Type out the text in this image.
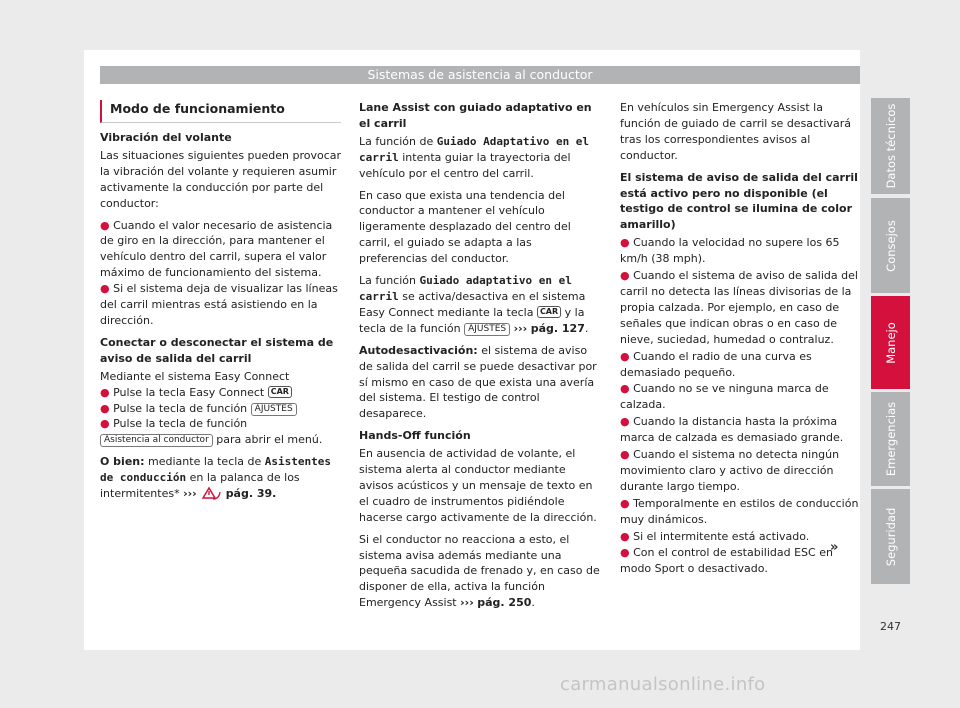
Sistemas de asistencia al conductor
Modo de funcionamiento

Vibración del volante

Las situaciones siguientes pueden provocar la vibración del volante y requieren asumir activamente la conducción por parte del conductor:

● Cuando el valor necesario de asistencia de giro en la dirección, para mantener el vehículo dentro del carril, supera el valor máximo de funcionamiento del sistema.

● Si el sistema deja de visualizar las líneas del carril mientras está asistiendo en la dirección.

Conectar o desconectar el sistema de aviso de salida del carril

Mediante el sistema Easy Connect

● Pulse la tecla Easy Connect CAR

● Pulse la tecla de función AJUSTES

● Pulse la tecla de función Asistencia al conductor para abrir el menú.

O bien: mediante la tecla de Asistentes de conducción en la palanca de los intermitentes* ›››	pág. 39.

Lane Assist con guiado adaptativo en el carril

La función de Guiado Adaptativo en el carril intenta guiar la trayectoria del vehículo por el centro del carril.

En caso que exista una tendencia del conductor a mantener el vehículo ligeramente desplazado del centro del carril, el guiado se adapta a las preferencias del conductor.

La función Guiado adaptativo en el carril se activa/desactiva en el sistema Easy Connect mediante la tecla CAR y la tecla de la función AJUSTES ››› pág. 127.

Autodesactivación: el sistema de aviso de salida del carril se puede desactivar por sí mismo en caso de que exista una avería del sistema. El testigo de control desaparece.

Hands-Off función

En ausencia de actividad de volante, el sistema alerta al conductor mediante avisos acústicos y un mensaje de texto en el cuadro de instrumentos pidiéndole hacerse cargo activamente de la dirección.

Si el conductor no reacciona a esto, el sistema avisa además mediante una pequeña sacudida de frenado y, en caso de disponer de ella, activa la función Emergency Assist ››› pág. 250.

En vehículos sin Emergency Assist la función de guiado de carril se desactivará tras los correspondientes avisos al conductor.

El sistema de aviso de salida del carril está activo pero no disponible (el testigo de control se ilumina de color amarillo)

● Cuando la velocidad no supere los 65 km/h (38 mph).

● Cuando el sistema de aviso de salida del carril no detecta las líneas divisorias de la propia calzada. Por ejemplo, en caso de señales que indican obras o en caso de nieve, suciedad, humedad o contraluz.

● Cuando el radio de una curva es demasiado pequeño.

● Cuando no se ve ninguna marca de calzada.

● Cuando la distancia hasta la próxima marca de calzada es demasiado grande.

● Cuando el sistema no detecta ningún movimiento claro y activo de dirección durante largo tiempo.

● Temporalmente en estilos de conducción muy dinámicos.

● Si el intermitente está activado.

● Con el control de estabilidad ESC en modo Sport o desactivado.

Datos técnicos
Consejos
Manejo
Emergencias
Seguridad
»
247
carmanualsonline.info
